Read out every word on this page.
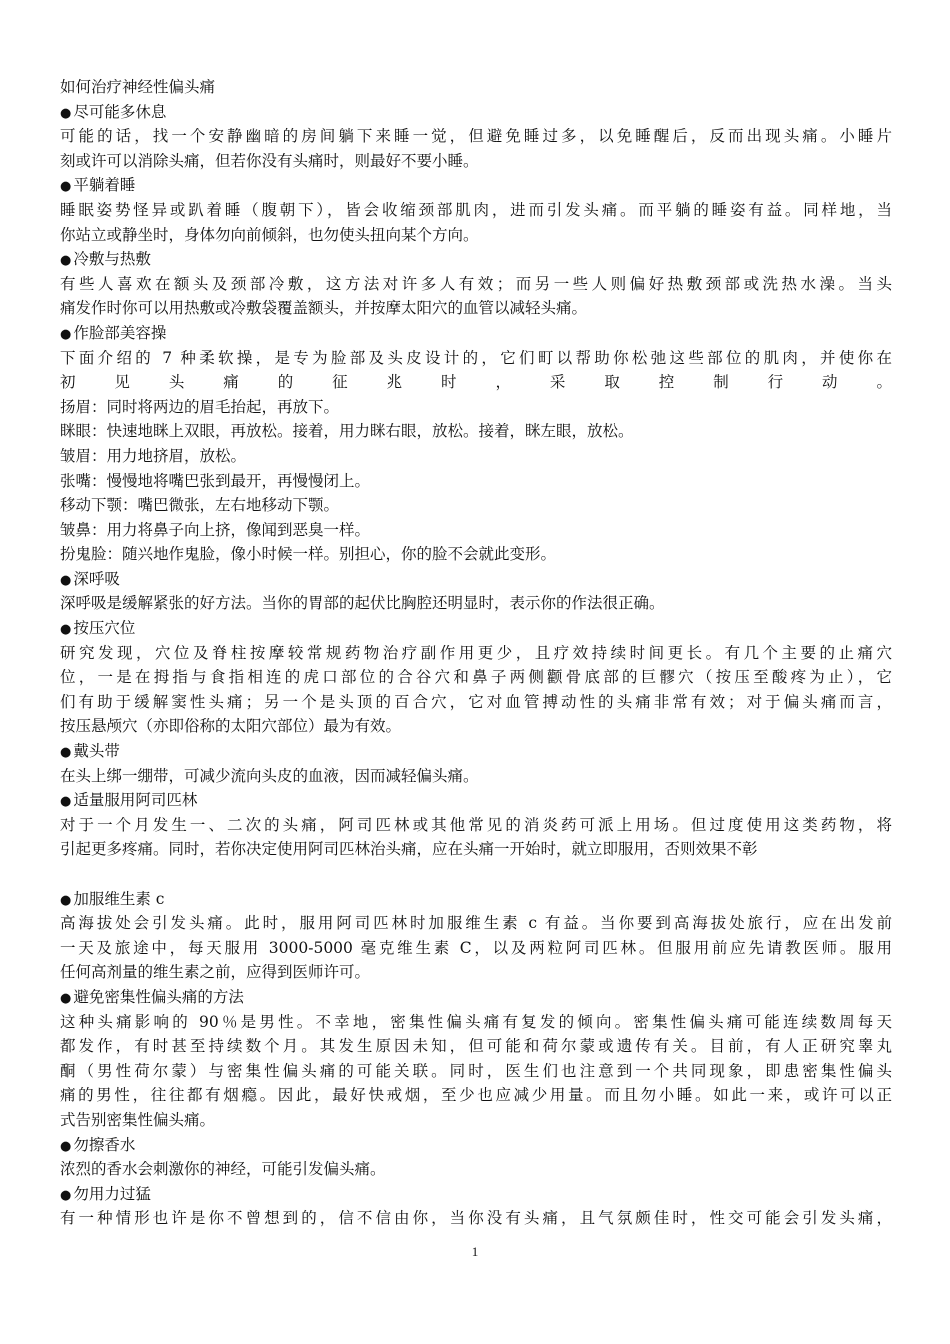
如何治疗神经性偏头痛
● 尽可能多休息
可能的话，找一个安静幽暗的房间躺下来睡一觉，但避免睡过多，以免睡醒后，反而出现头痛。小睡片
刻或许可以消除头痛，但若你没有头痛时，则最好不要小睡。
● 平躺着睡
睡眠姿势怪异或趴着睡（腹朝下），皆会收缩颈部肌肉，进而引发头痛。而平躺的睡姿有益。同样地，当
你站立或静坐时，身体勿向前倾斜，也勿使头扭向某个方向。
● 冷敷与热敷
有些人喜欢在额头及颈部冷敷，这方法对许多人有效；而另一些人则偏好热敷颈部或洗热水澡。当头
痛发作时你可以用热敷或冷敷袋覆盖额头，并按摩太阳穴的血管以减轻头痛。
● 作脸部美容操
下面介绍的 7 种柔软操，是专为脸部及头皮设计的，它们町以帮助你松弛这些部位的肌肉，并使你在
初见头痛的征兆时，采取控制行动。
扬眉：同时将两边的眉毛抬起，再放下。
眯眼：快速地眯上双眼，再放松。接着，用力眯右眼，放松。接着，眯左眼，放松。
皱眉：用力地挤眉，放松。
张嘴：慢慢地将嘴巴张到最开，再慢慢闭上。
移动下颚：嘴巴微张，左右地移动下颚。
皱鼻：用力将鼻子向上挤，像闻到恶臭一样。
扮鬼脸：随兴地作鬼脸，像小时候一样。别担心，你的脸不会就此变形。
● 深呼吸
深呼吸是缓解紧张的好方法。当你的胃部的起伏比胸腔还明显时，表示你的作法很正确。
● 按压穴位
研究发现，穴位及脊柱按摩较常规药物治疗副作用更少，且疗效持续时间更长。有几个主要的止痛穴
位，一是在拇指与食指相连的虎口部位的合谷穴和鼻子两侧颧骨底部的巨髎穴（按压至酸疼为止），它
们有助于缓解窦性头痛；另一个是头顶的百合穴，它对血管搏动性的头痛非常有效；对于偏头痛而言，
按压悬颅穴（亦即俗称的太阳穴部位）最为有效。
● 戴头带
在头上绑一绷带，可减少流向头皮的血液，因而减轻偏头痛。
● 适量服用阿司匹林
对于一个月发生一、二次的头痛，阿司匹林或其他常见的消炎药可派上用场。但过度使用这类药物，将
引起更多疼痛。同时，若你决定使用阿司匹林治头痛，应在头痛一开始时，就立即服用，否则效果不彰
● 加服维生素 c
高海拔处会引发头痛。此时，服用阿司匹林时加服维生素 c 有益。当你要到高海拔处旅行，应在出发前
一天及旅途中，每天服用 3000-5000 毫克维生素 C，以及两粒阿司匹林。但服用前应先请教医师。服用
任何高剂量的维生素之前，应得到医师许可。
● 避免密集性偏头痛的方法
这种头痛影响的 90％是男性。不幸地，密集性偏头痛有复发的倾向。密集性偏头痛可能连续数周每天
都发作，有时甚至持续数个月。其发生原因未知，但可能和荷尔蒙或遗传有关。目前，有人正研究睾丸
酮（男性荷尔蒙）与密集性偏头痛的可能关联。同时，医生们也注意到一个共同现象，即患密集性偏头
痛的男性，往往都有烟瘾。因此，最好快戒烟，至少也应减少用量。而且勿小睡。如此一来，或许可以正
式告别密集性偏头痛。
● 勿擦香水
浓烈的香水会刺激你的神经，可能引发偏头痛。
● 勿用力过猛
有一种情形也许是你不曾想到的，信不信由你，当你没有头痛，且气氛颇佳时，性交可能会引发头痛，
1
